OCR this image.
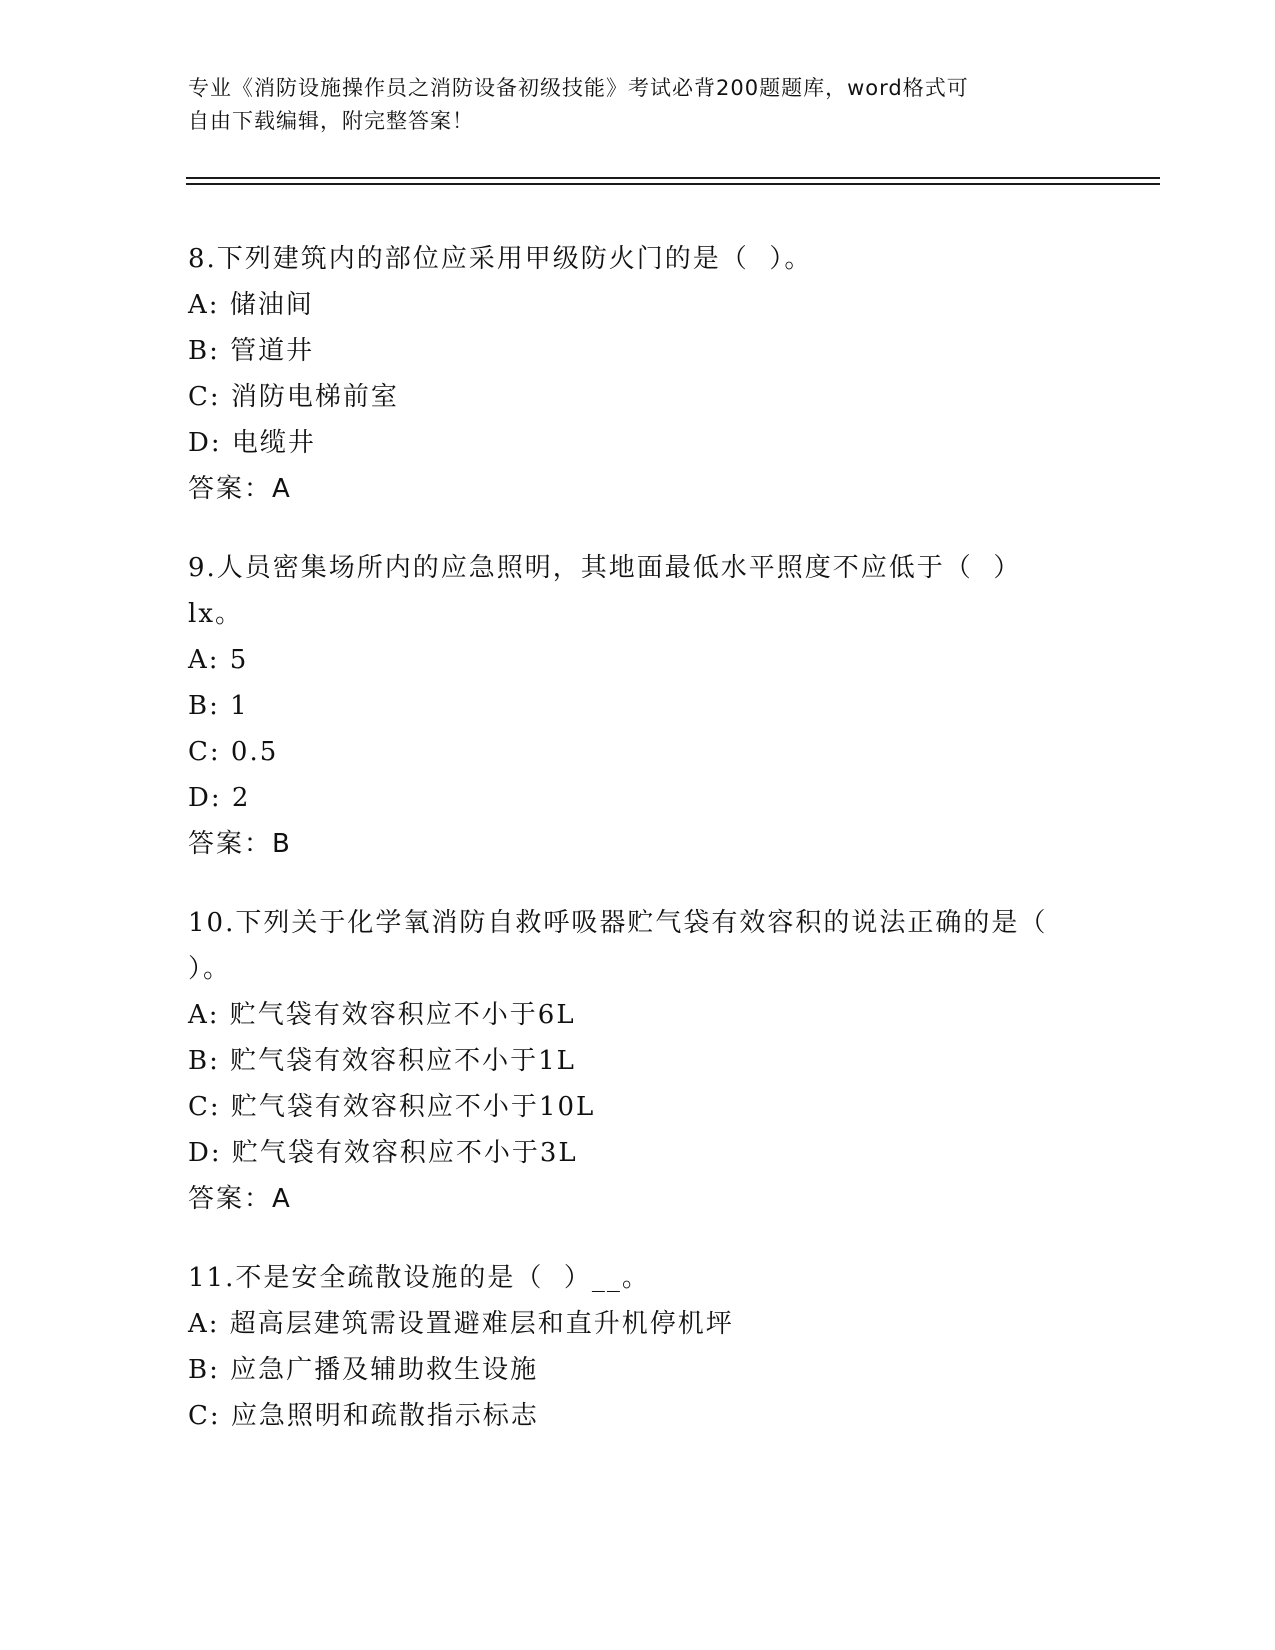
专业《消防设施操作员之消防设备初级技能》考试必背200题题库，word格式可
自由下载编辑，附完整答案！
8.下列建筑内的部位应采用甲级防火门的是（  ）。
A: 储油间
B: 管道井
C: 消防电梯前室
D: 电缆井
答案：A
9.人员密集场所内的应急照明，其地面最低水平照度不应低于（  ）
lx。
A: 5
B: 1
C: 0.5
D: 2
答案：B
10.下列关于化学氧消防自救呼吸器贮气袋有效容积的说法正确的是（
）。
A: 贮气袋有效容积应不小于6L
B: 贮气袋有效容积应不小于1L
C: 贮气袋有效容积应不小于10L
D: 贮气袋有效容积应不小于3L
答案：A
11.不是安全疏散设施的是（  ）__。
A: 超高层建筑需设置避难层和直升机停机坪
B: 应急广播及辅助救生设施
C: 应急照明和疏散指示标志
